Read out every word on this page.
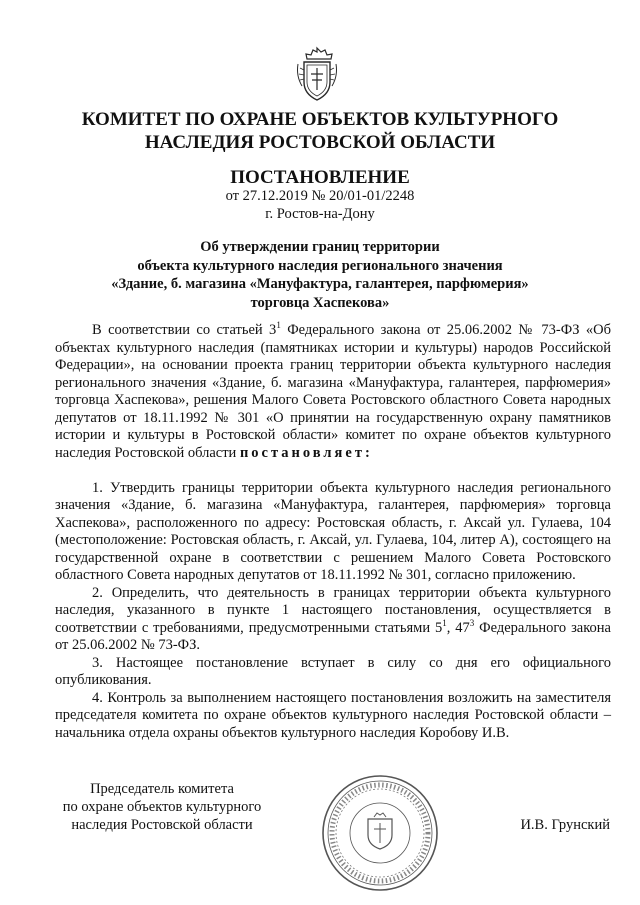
КОМИТЕТ ПО ОХРАНЕ ОБЪЕКТОВ КУЛЬТУРНОГО
НАСЛЕДИЯ РОСТОВСКОЙ ОБЛАСТИ
ПОСТАНОВЛЕНИЕ
от 27.12.2019 № 20/01-01/2248
г. Ростов-на-Дону
Об утверждении границ территории
объекта культурного наследия регионального значения
«Здание, б. магазина «Мануфактура, галантерея, парфюмерия»
торговца Хаспекова»

В соответствии со статьей $3^1$ Федерального закона от 25.06.2002 № 73-ФЗ «Об объектах культурного наследия (памятниках истории и культуры) народов Российской Федерации», на основании проекта границ территории объекта культурного наследия регионального значения «Здание, б. магазина «Мануфактура, галантерея, парфюмерия» торговца Хаспекова», решения Малого Совета Ростовского областного Совета народных депутатов от 18.11.1992 № 301 «О принятии на государственную охрану памятников истории и культуры в Ростовской области» комитет по охране объектов культурного наследия Ростовской области постановляет:

1. Утвердить границы территории объекта культурного наследия регионального значения «Здание, б. магазина «Мануфактура, галантерея, парфюмерия» торговца Хаспекова», расположенного по адресу: Ростовская область, г. Аксай ул. Гулаева, 104 (местоположение: Ростовская область, г. Аксай, ул. Гулаева, 104, литер А), состоящего на государственной охране в соответствии с решением Малого Совета Ростовского областного Совета народных депутатов от 18.11.1992 № 301, согласно приложению.

2. Определить, что деятельность в границах территории объекта культурного наследия, указанного в пункте 1 настоящего постановления, осуществляется в соответствии с требованиями, предусмотренными статьями $5^1$, $47^3$ Федерального закона от 25.06.2002 № 73-ФЗ.

3. Настоящее постановление вступает в силу со дня его официального опубликования.

4. Контроль за выполнением настоящего постановления возложить на заместителя председателя комитета по охране объектов культурного наследия Ростовской области – начальника отдела охраны объектов культурного наследия Коробову И.В.

Председатель комитета
по охране объектов культурного
наследия Ростовской области	И.В. Грунский
